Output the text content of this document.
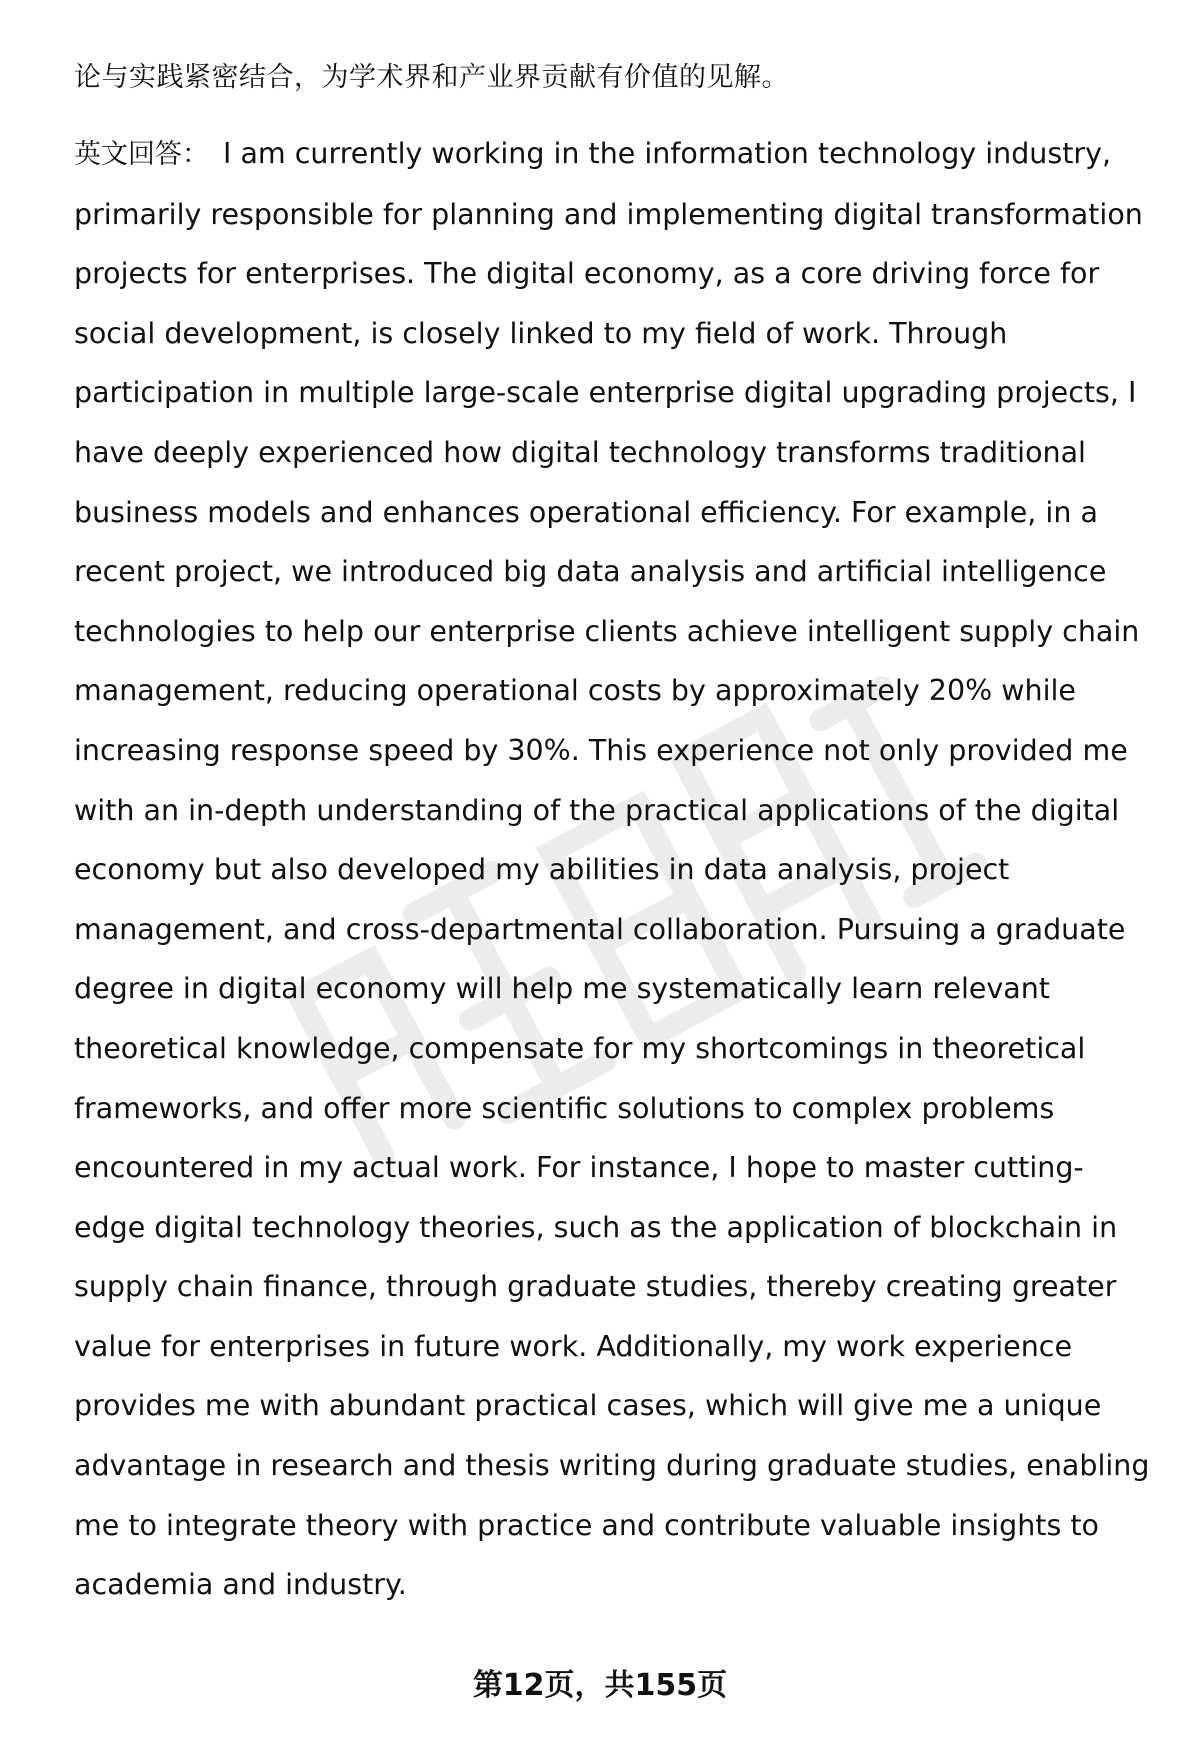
论与实践紧密结合，为学术界和产业界贡献有价值的见解。

英文回答： I am currently working in the information technology industry, primarily responsible for planning and implementing digital transformation projects for enterprises. The digital economy, as a core driving force for social development, is closely linked to my field of work. Through participation in multiple large-scale enterprise digital upgrading projects, I have deeply experienced how digital technology transforms traditional business models and enhances operational efficiency. For example, in a recent project, we introduced big data analysis and artificial intelligence technologies to help our enterprise clients achieve intelligent supply chain management, reducing operational costs by approximately 20% while increasing response speed by 30%. This experience not only provided me with an in-depth understanding of the practical applications of the digital economy but also developed my abilities in data analysis, project management, and cross-departmental collaboration. Pursuing a graduate degree in digital economy will help me systematically learn relevant theoretical knowledge, compensate for my shortcomings in theoretical frameworks, and offer more scientific solutions to complex problems encountered in my actual work. For instance, I hope to master cutting-edge digital technology theories, such as the application of blockchain in supply chain finance, through graduate studies, thereby creating greater value for enterprises in future work. Additionally, my work experience provides me with abundant practical cases, which will give me a unique advantage in research and thesis writing during graduate studies, enabling me to integrate theory with practice and contribute valuable insights to academia and industry.

第12页，共155页
